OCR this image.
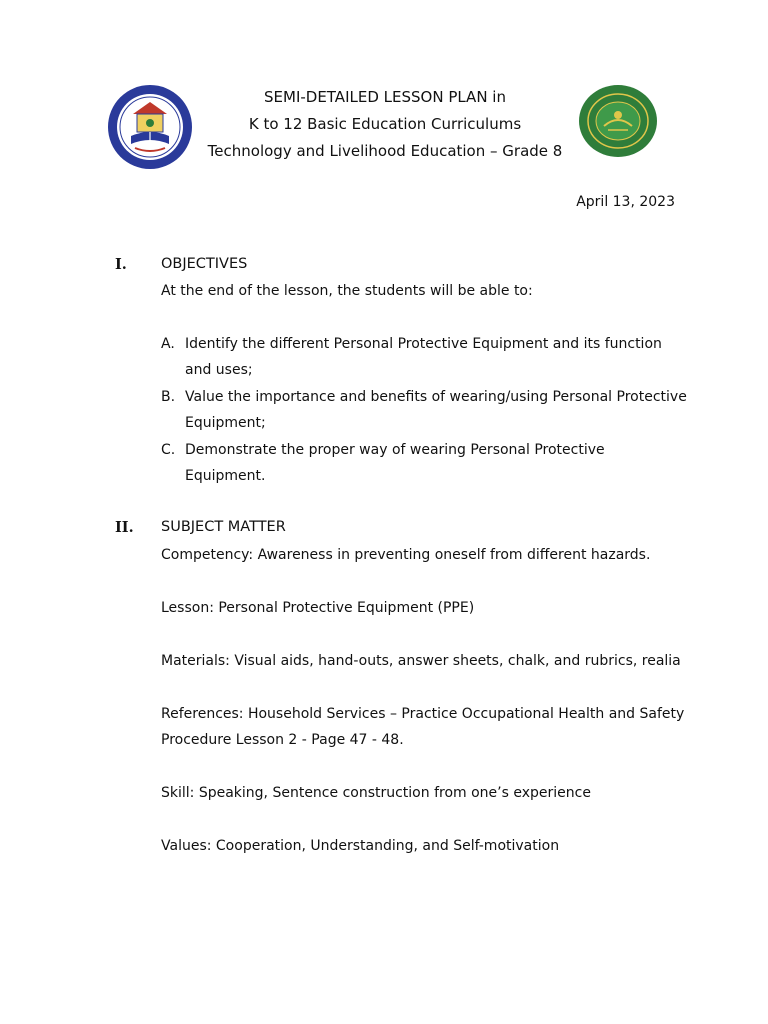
SEMI-DETAILED LESSON PLAN in
K to 12 Basic Education Curriculums
Technology and Livelihood Education – Grade 8
April 13, 2023
I. OBJECTIVES
At the end of the lesson, the students will be able to:
A. Identify the different Personal Protective Equipment and its function
and uses;
B. Value the importance and benefits of wearing/using Personal Protective
Equipment;
C. Demonstrate the proper way of wearing Personal Protective
Equipment.
II. SUBJECT MATTER
Competency: Awareness in preventing oneself from different hazards.
Lesson: Personal Protective Equipment (PPE)
Materials: Visual aids, hand-outs, answer sheets, chalk, and rubrics, realia
References: Household Services – Practice Occupational Health and Safety
Procedure Lesson 2 - Page 47 - 48.
Skill: Speaking, Sentence construction from one’s experience
Values: Cooperation, Understanding, and Self-motivation
